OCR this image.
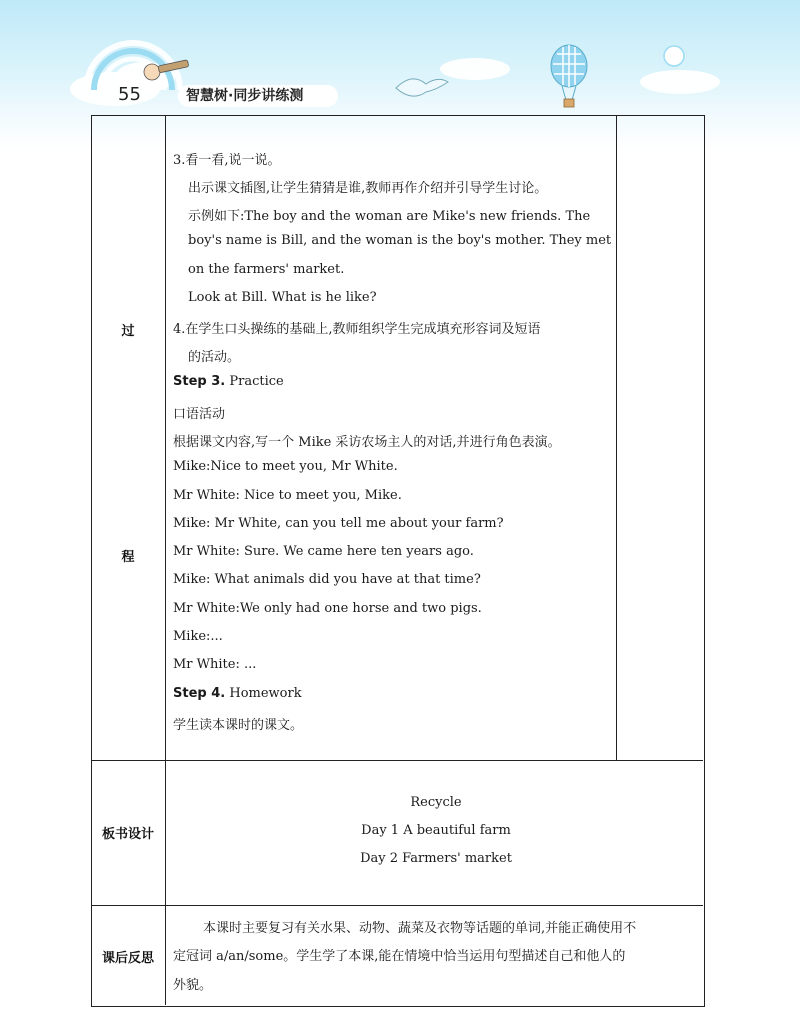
55	智慧树·同步讲练测
过
程
3.看一看,说一说。
出示课文插图,让学生猜猜是谁,教师再作介绍并引导学生讨论。
示例如下:The boy and the woman are Mike's new friends. The
boy's name is Bill, and the woman is the boy's mother. They met
on the farmers' market.
Look at Bill. What is he like?
4.在学生口头操练的基础上,教师组织学生完成填充形容词及短语
的活动。
Step 3. Practice
口语活动
根据课文内容,写一个 Mike 采访农场主人的对话,并进行角色表演。
Mike:Nice to meet you, Mr White.
Mr White: Nice to meet you, Mike.
Mike: Mr White, can you tell me about your farm?
Mr White: Sure. We came here ten years ago.
Mike: What animals did you have at that time?
Mr White:We only had one horse and two pigs.
Mike:...
Mr White: ...
Step 4. Homework
学生读本课时的课文。
板书设计
Recycle
Day 1 A beautiful farm
Day 2 Farmers' market
课后反思
本课时主要复习有关水果、动物、蔬菜及衣物等话题的单词,并能正确使用不
定冠词 a/an/some。学生学了本课,能在情境中恰当运用句型描述自己和他人的
外貌。
